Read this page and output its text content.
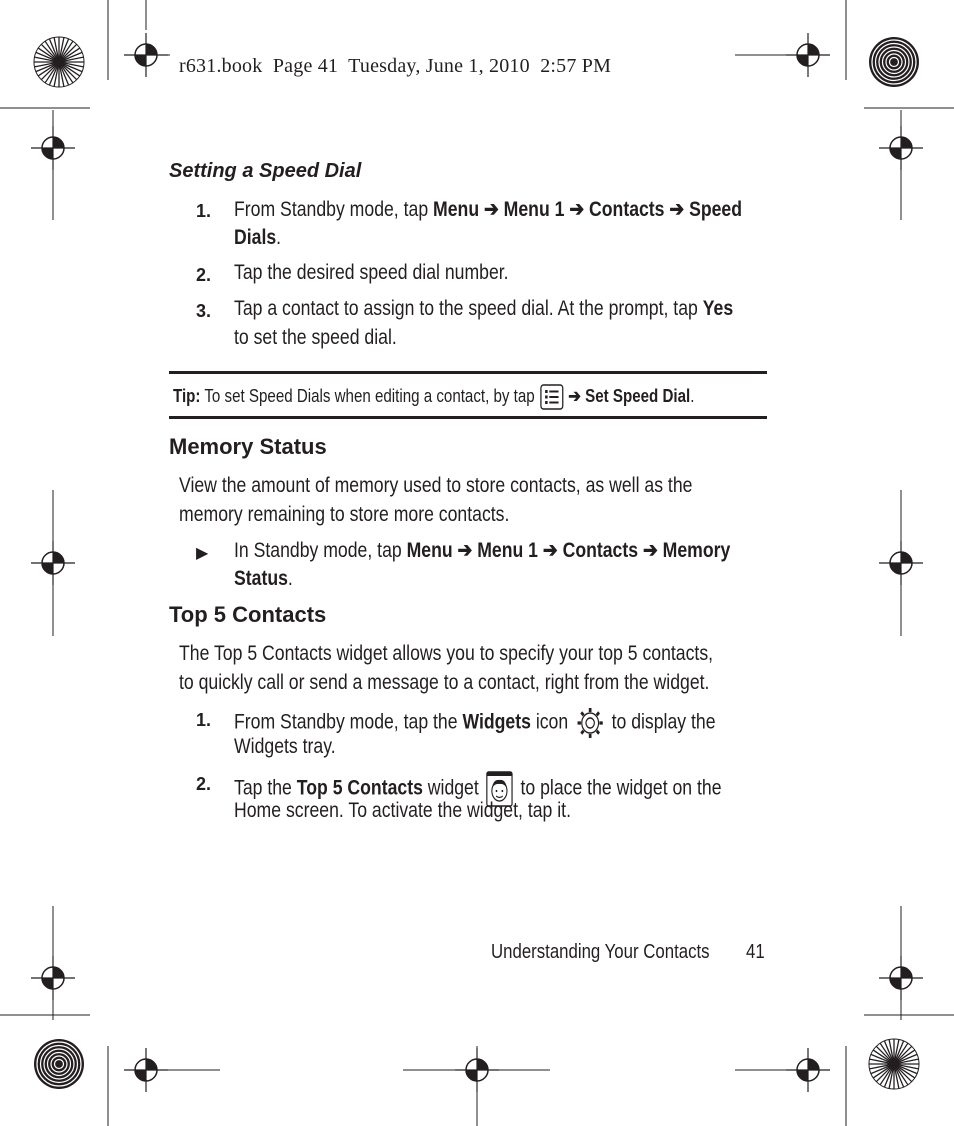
r631.book  Page 41  Tuesday, June 1, 2010  2:57 PM
Setting a Speed Dial
1. From Standby mode, tap Menu ➔ Menu 1 ➔ Contacts ➔ Speed
Dials.
2. Tap the desired speed dial number.
3. Tap a contact to assign to the speed dial. At the prompt, tap Yes
to set the speed dial.
Tip: To set Speed Dials when editing a contact, by tap  ➔ Set Speed Dial.
Memory Status
View the amount of memory used to store contacts, as well as the
memory remaining to store more contacts.
▶ In Standby mode, tap Menu ➔ Menu 1 ➔ Contacts ➔ Memory
Status.
Top 5 Contacts
The Top 5 Contacts widget allows you to specify your top 5 contacts,
to quickly call or send a message to a contact, right from the widget.
1. From Standby mode, tap the Widgets icon  to display the
Widgets tray.
2. Tap the Top 5 Contacts widget  to place the widget on the
Home screen. To activate the widget, tap it.
Understanding Your Contacts 41
